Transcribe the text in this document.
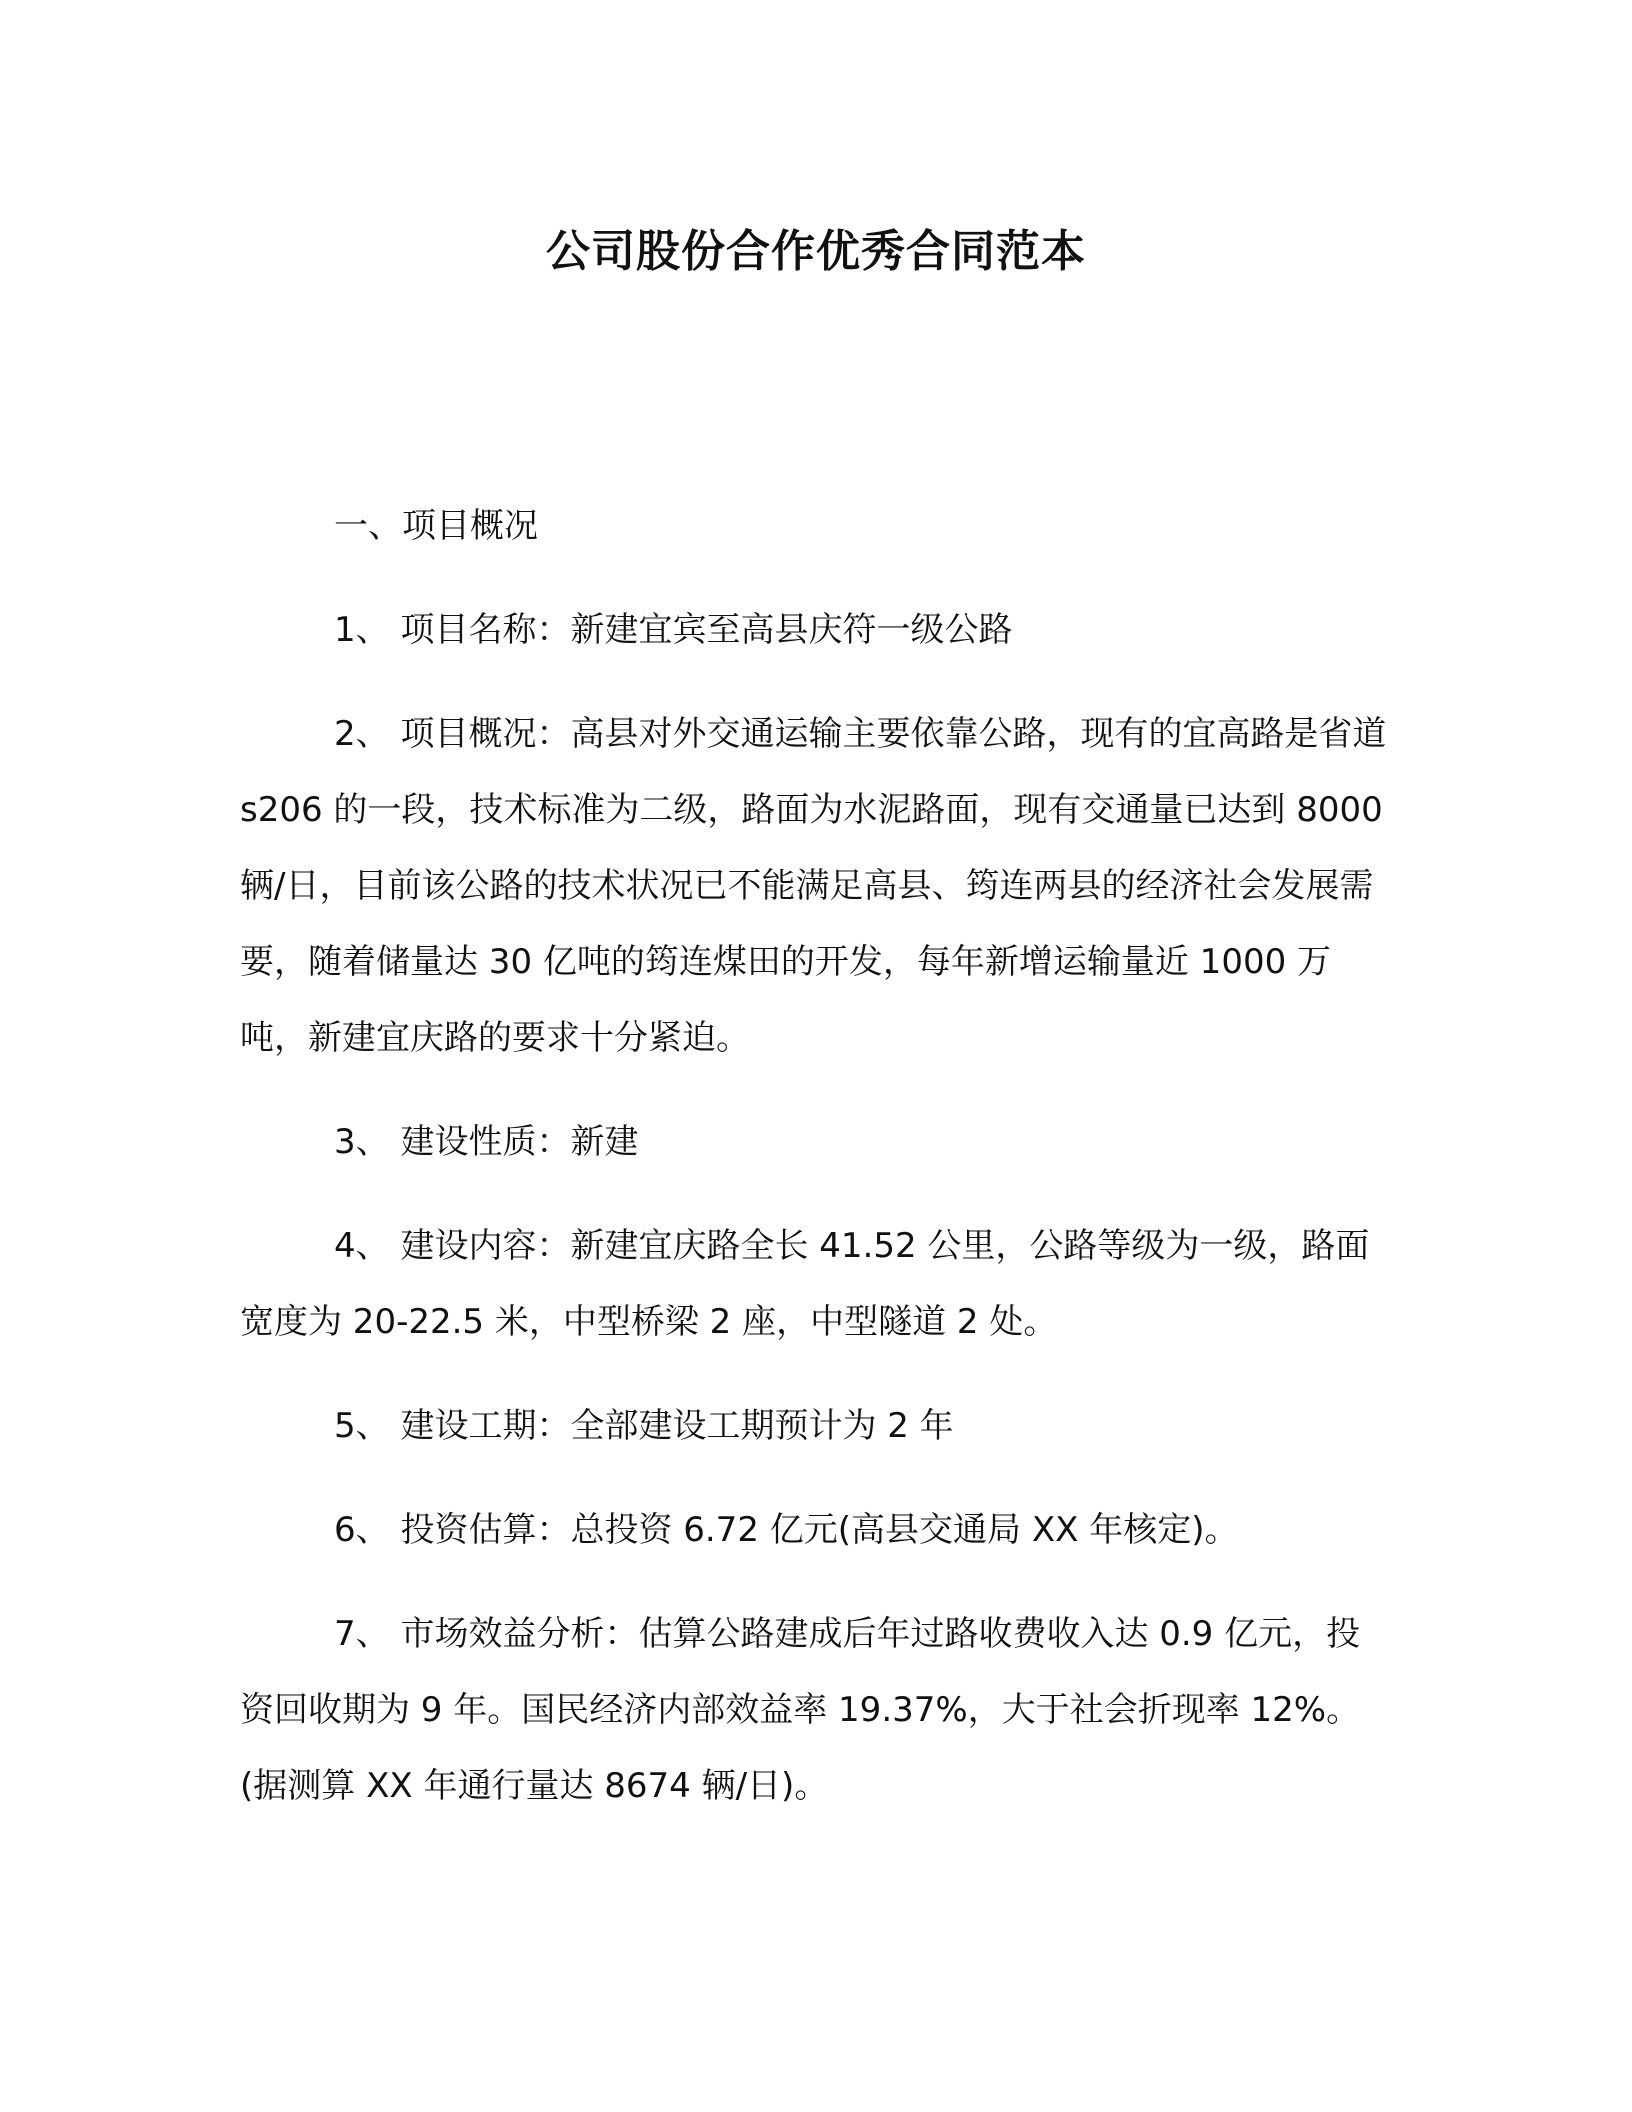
公司股份合作优秀合同范本

一、项目概况

1、 项目名称：新建宜宾至高县庆符一级公路

2、 项目概况：高县对外交通运输主要依靠公路，现有的宜高路是省道 s206 的一段，技术标准为二级，路面为水泥路面，现有交通量已达到 8000 辆/日，目前该公路的技术状况已不能满足高县、筠连两县的经济社会发展需要，随着储量达 30 亿吨的筠连煤田的开发，每年新增运输量近 1000 万吨，新建宜庆路的要求十分紧迫。

3、 建设性质：新建

4、 建设内容：新建宜庆路全长 41.52 公里，公路等级为一级，路面宽度为 20-22.5 米，中型桥梁 2 座，中型隧道 2 处。

5、 建设工期：全部建设工期预计为 2 年

6、 投资估算：总投资 6.72 亿元(高县交通局 XX 年核定)。

7、 市场效益分析：估算公路建成后年过路收费收入达 0.9 亿元，投资回收期为 9 年。国民经济内部效益率 19.37%，大于社会折现率 12%。(据测算 XX 年通行量达 8674 辆/日)。
